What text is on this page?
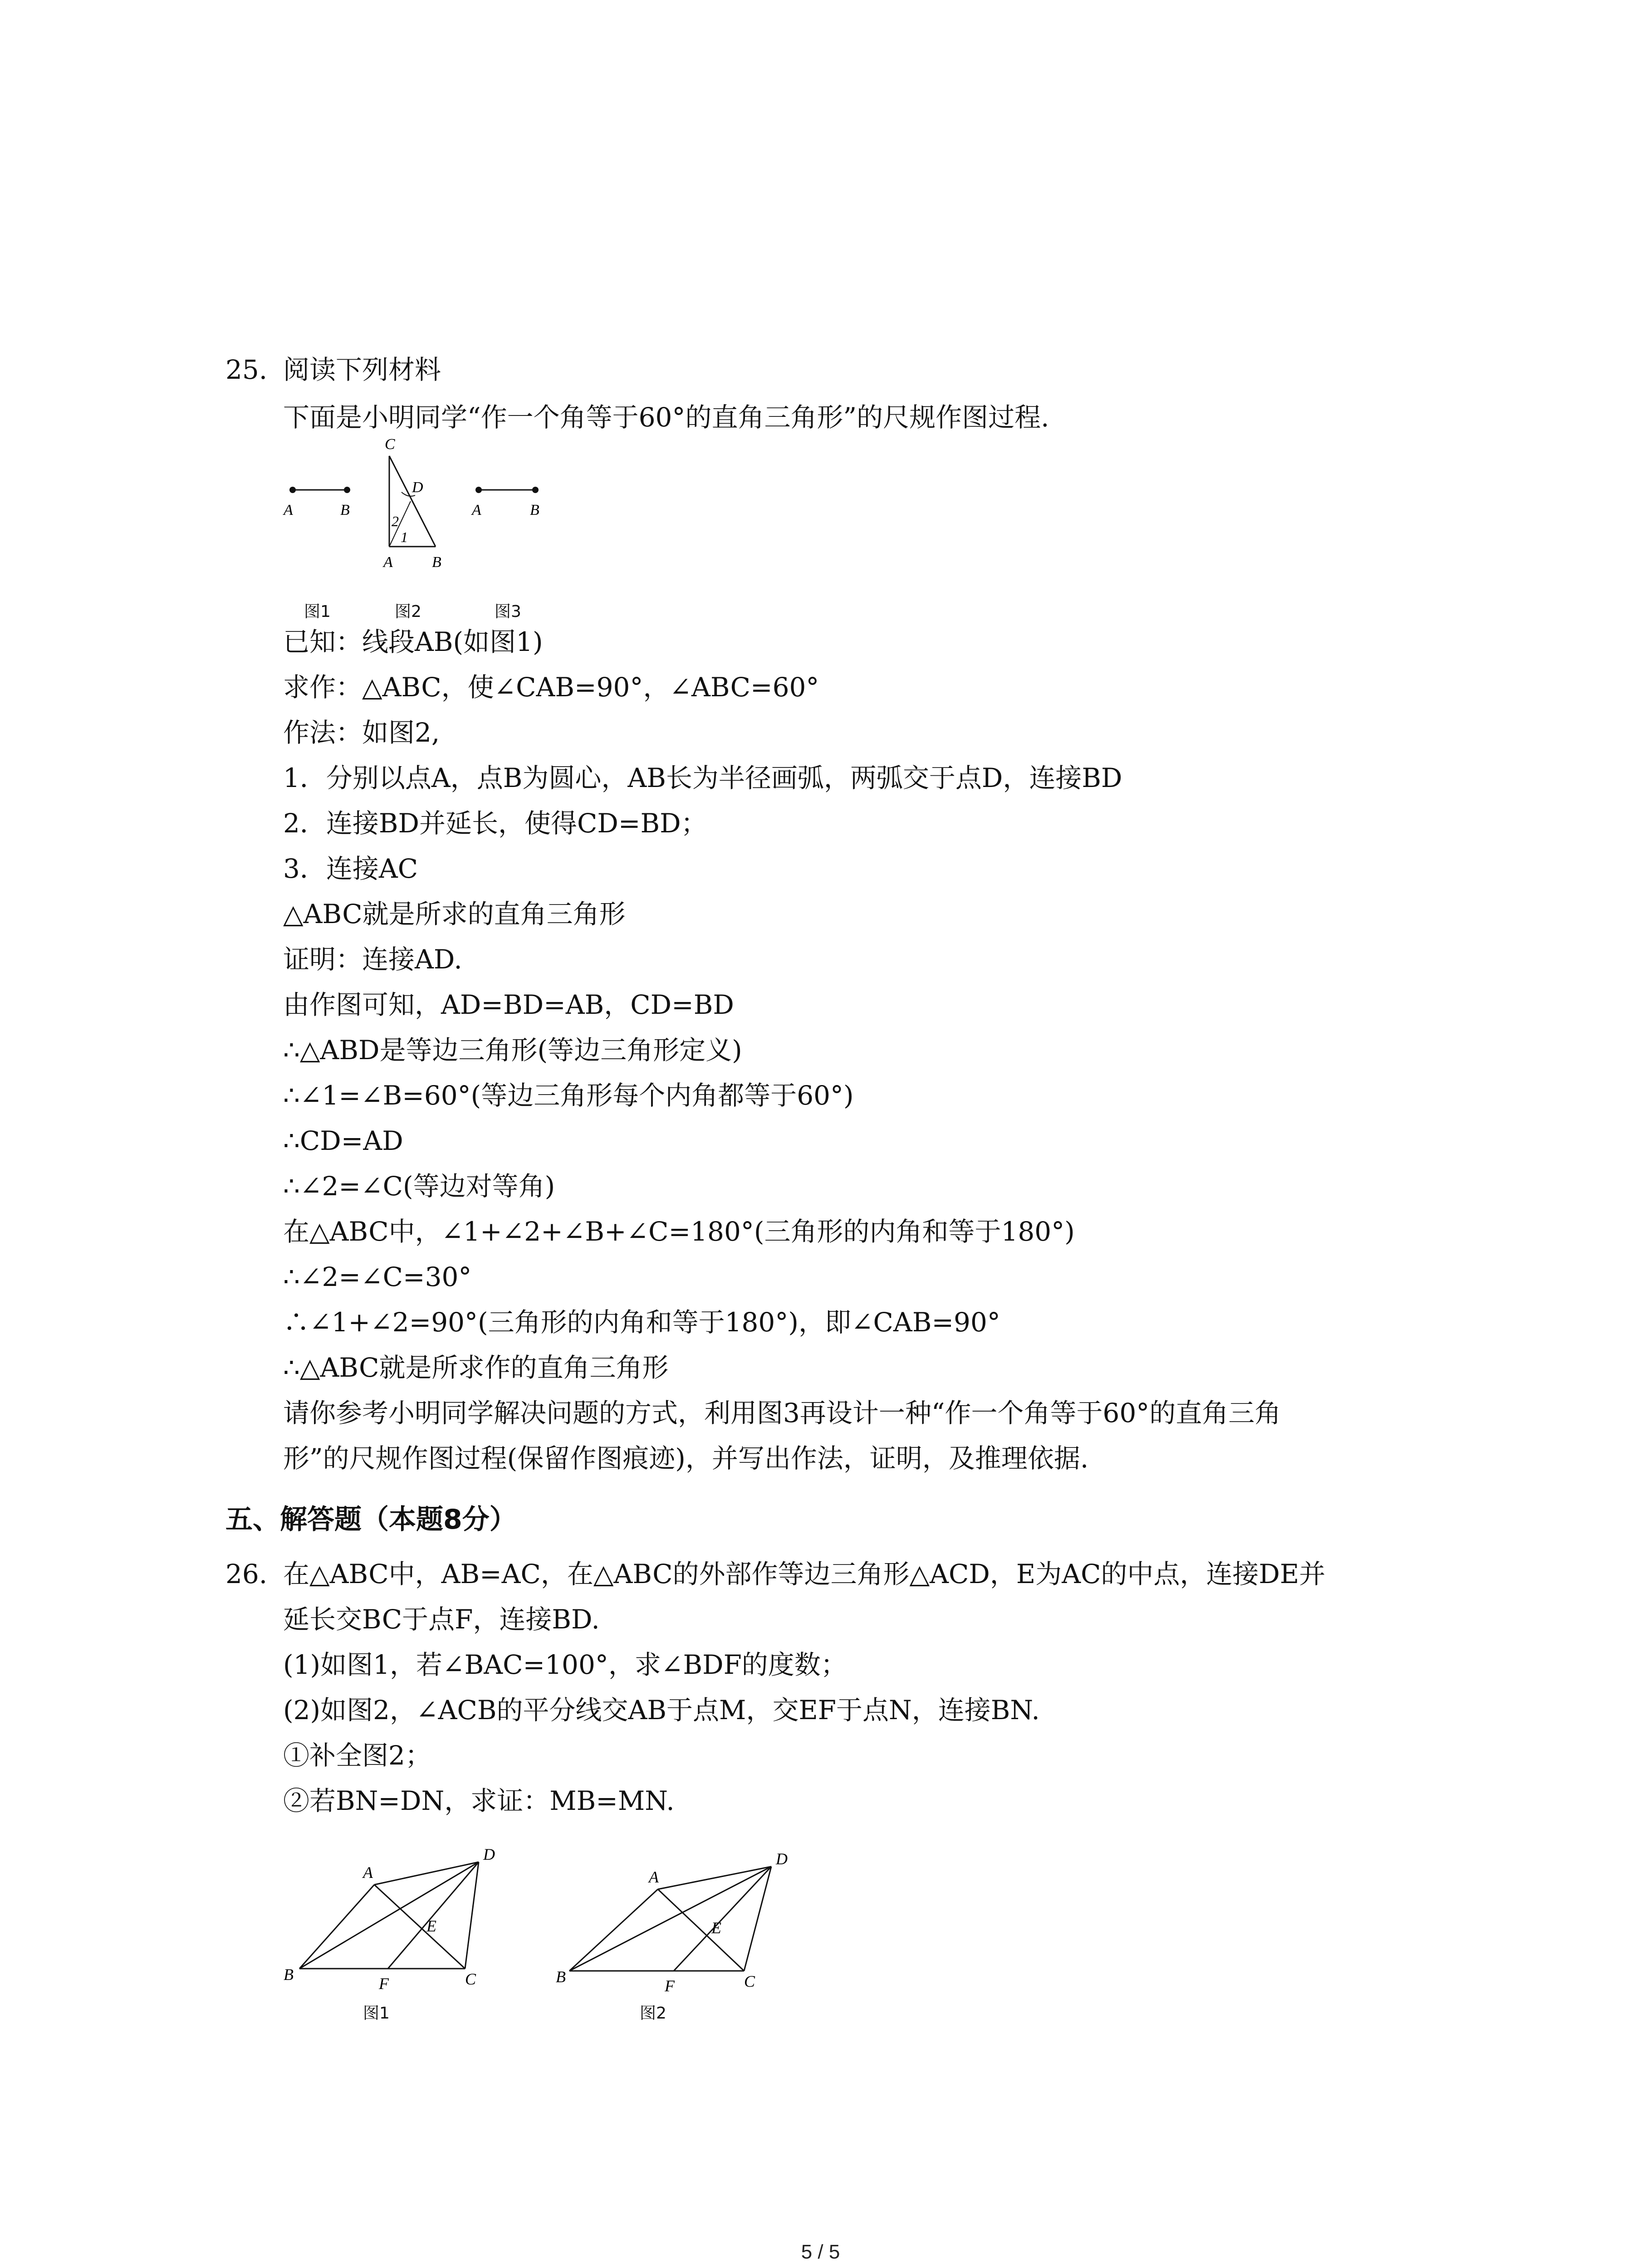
25. 阅读下列材料
下面是小明同学“作一个角等于60°的直角三角形”的尺规作图过程.
A	B
C
D
2
1
A	B
A	B
图1	图2	图3
已知：线段AB(如图1)
求作：△ABC，使∠CAB=90°，∠ABC=60°
作法：如图2,
1．分别以点A，点B为圆心，AB长为半径画弧，两弧交于点D，连接BD
2．连接BD并延长，使得CD=BD；
3．连接AC
△ABC就是所求的直角三角形
证明：连接AD.
由作图可知，AD=BD=AB，CD=BD
∴△ABD是等边三角形(等边三角形定义)
∴∠1=∠B=60°(等边三角形每个内角都等于60°)
∴CD=AD
∴∠2=∠C(等边对等角)
在△ABC中，∠1+∠2+∠B+∠C=180°(三角形的内角和等于180°)
∴∠2=∠C=30°
∴∠1+∠2=90°(三角形的内角和等于180°)，即∠CAB=90°
∴△ABC就是所求作的直角三角形
请你参考小明同学解决问题的方式，利用图3再设计一种“作一个角等于60°的直角三角
形”的尺规作图过程(保留作图痕迹)，并写出作法，证明，及推理依据.
五、解答题（本题8分）
26. 在△ABC中，AB=AC，在△ABC的外部作等边三角形△ACD，E为AC的中点，连接DE并
延长交BC于点F，连接BD.
(1)如图1，若∠BAC=100°，求∠BDF的度数；
(2)如图2，∠ACB的平分线交AB于点M，交EF于点N，连接BN.
①补全图2；
②若BN=DN，求证：MB=MN.
A
B	C
D
E
F
A
B	C
D
E
F
图1	图2
5 / 5
